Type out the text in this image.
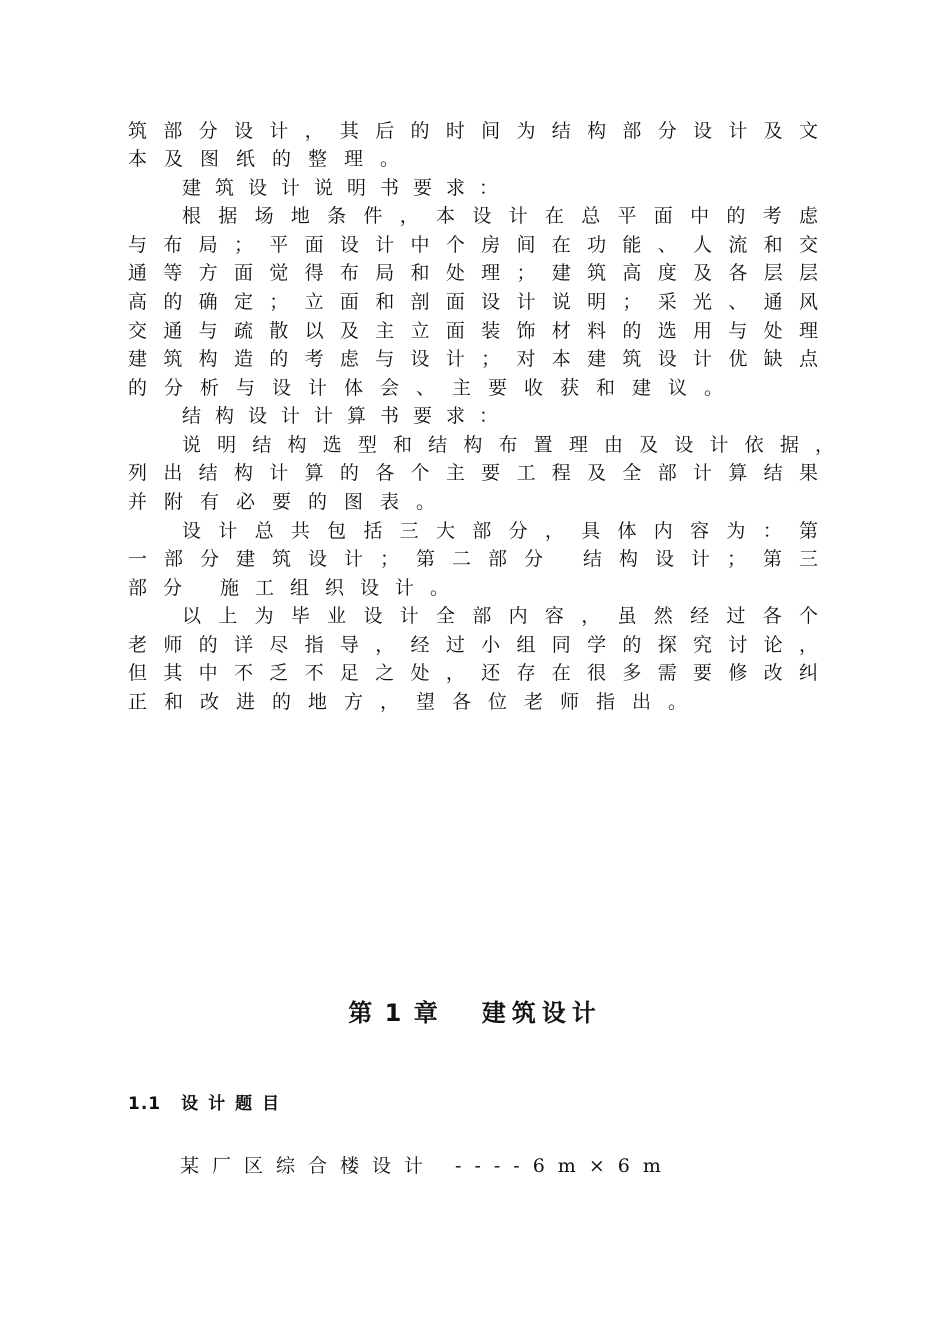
筑部分设计，其后的时间为结构部分设计及文
本及图纸的整理。
建筑设计说明书要求：
根据场地条件，本设计在总平面中的考虑
与布局；平面设计中个房间在功能、人流和交
通等方面觉得布局和处理；建筑高度及各层层
高的确定；立面和剖面设计说明；采光、通风
交通与疏散以及主立面装饰材料的选用与处理
建筑构造的考虑与设计；对本建筑设计优缺点
的分析与设计体会、主要收获和建议。
结构设计计算书要求：
说明结构选型和结构布置理由及设计依据，
列出结构计算的各个主要工程及全部计算结果
并附有必要的图表。
设计总共包括三大部分，具体内容为：第
一部分建筑设计；第二部分 结构设计；第三
部分 施工组织设计。
以上为毕业设计全部内容，虽然经过各个
老师的详尽指导，经过小组同学的探究讨论，
但其中不乏不足之处，还存在很多需要修改纠
正和改进的地方，望各位老师指出。
第 1 章 建筑设计
1.1 设计题目
某厂区综合楼设计 ----6m×6m
